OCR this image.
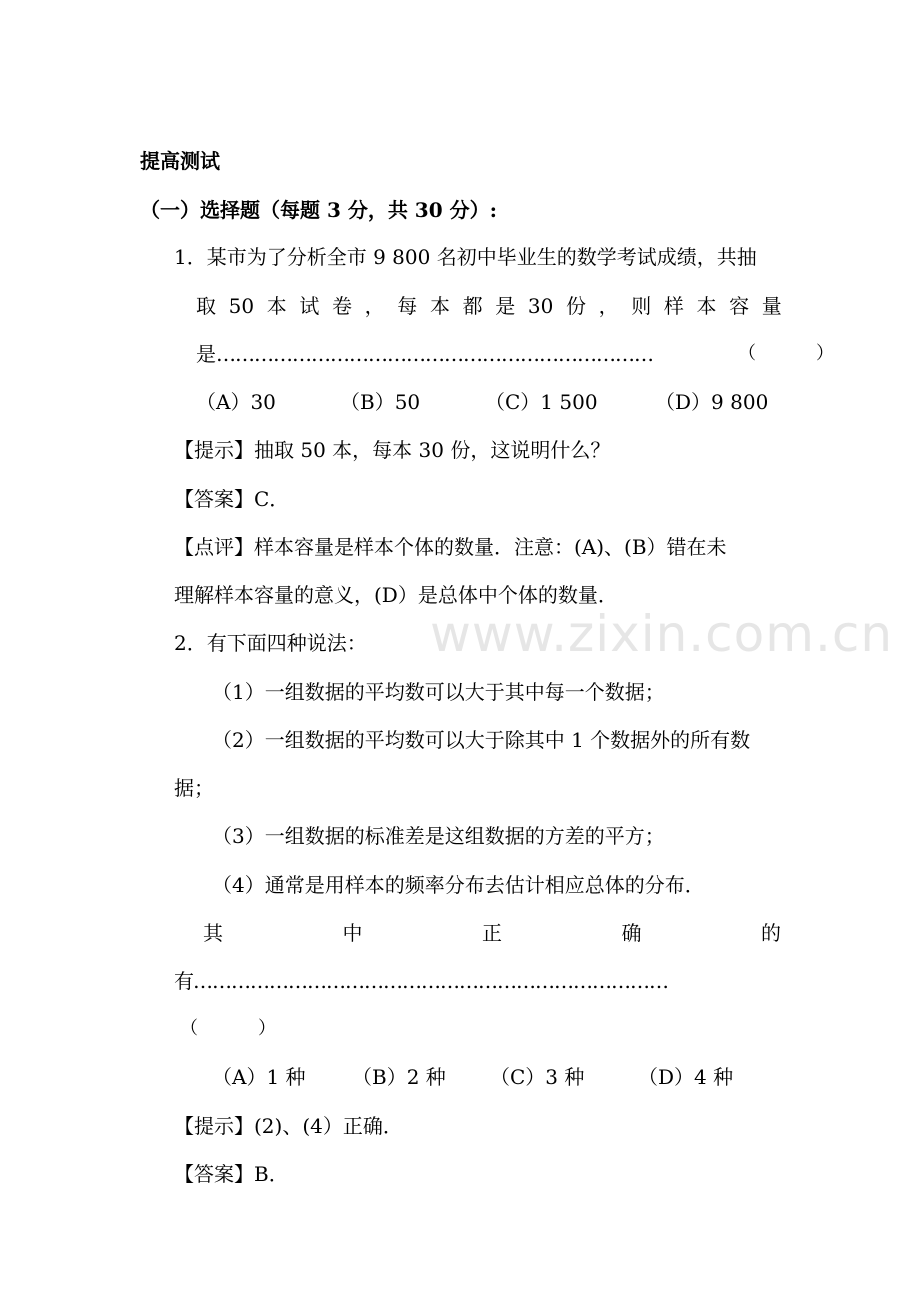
www.zixin.com.cn
提高测试
（一）选择题（每题 3 分，共 30 分）:
1．某市为了分析全市 9 800 名初中毕业生的数学考试成绩，共抽
取 50 本 试 卷 ， 每 本 都 是 30 份 ， 则 样 本 容 量
是……………………………………………………………	（　　）
（A）30	（B）50	（C）1 500	（D）9 800
【提示】抽取 50 本，每本 30 份，这说明什么？
【答案】C．
【点评】样本容量是样本个体的数量．注意：(A)、(B）错在未
理解样本容量的意义，(D）是总体中个体的数量．
2．有下面四种说法：
（1）一组数据的平均数可以大于其中每一个数据；
（2）一组数据的平均数可以大于除其中 1 个数据外的所有数
据；
（3）一组数据的标准差是这组数据的方差的平方；
（4）通常是用样本的频率分布去估计相应总体的分布．
其	中	正	确	的
有…………………………………………………………………
（　　）
（A）1 种 （B）2 种 （C）3 种	（D）4 种
【提示】(2)、(4）正确．
【答案】B．
